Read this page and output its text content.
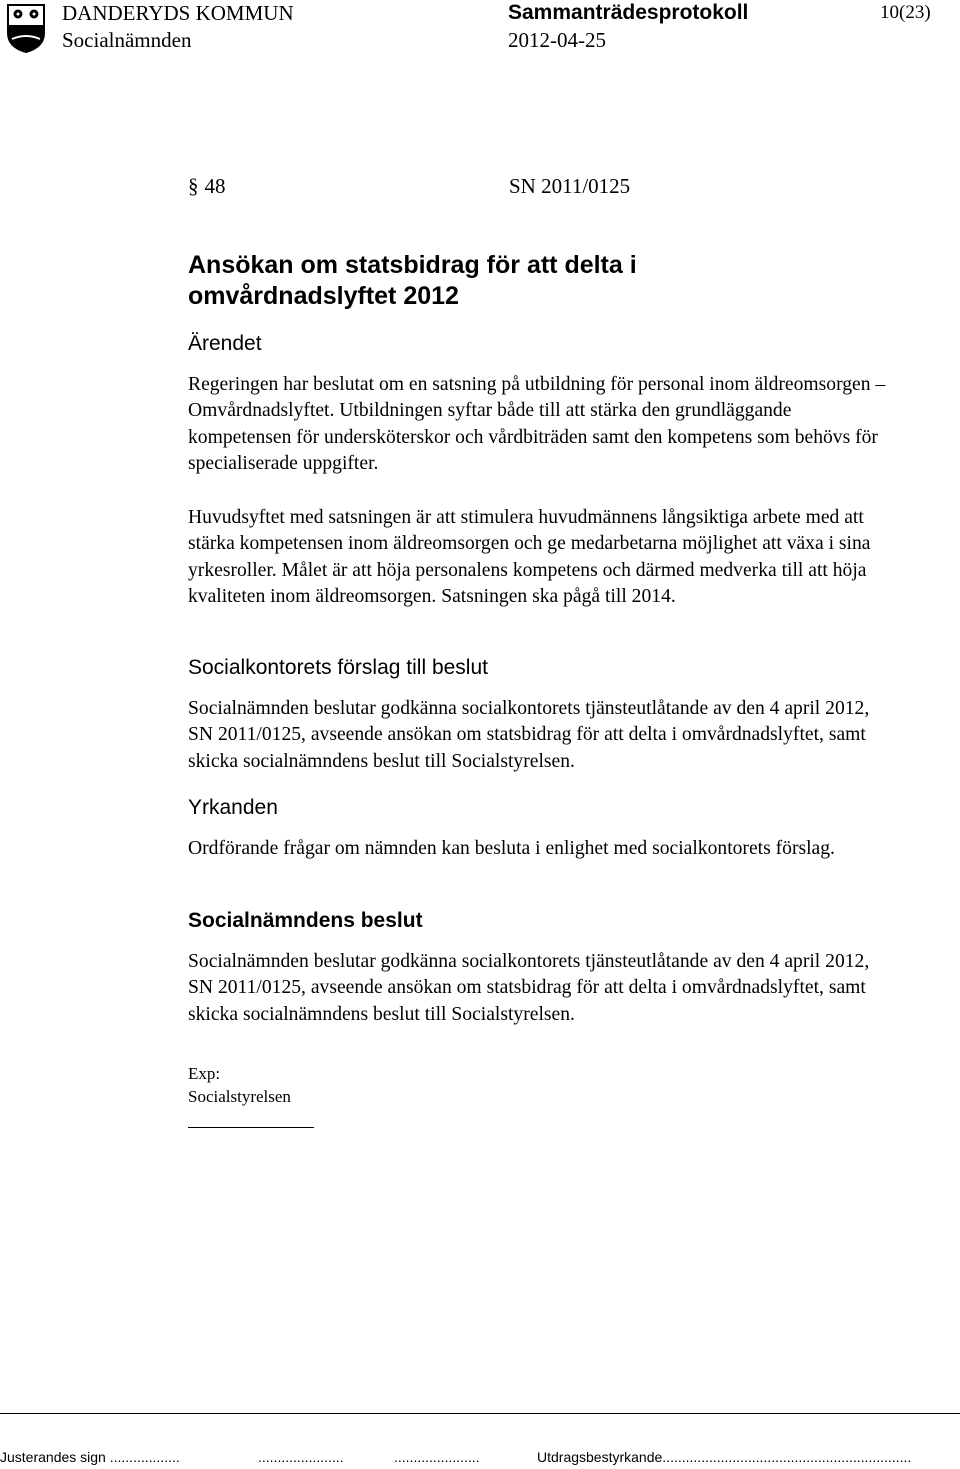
DANDERYDS KOMMUN
Socialnämnden
Sammanträdesprotokoll
2012-04-25
10(23)
§ 48	SN 2011/0125
Ansökan om statsbidrag för att delta i omvårdnadslyftet 2012
Ärendet

Regeringen har beslutat om en satsning på utbildning för personal inom äldreomsorgen – Omvårdnadslyftet. Utbildningen syftar både till att stärka den grundläggande kompetensen för undersköterskor och vårdbiträden samt den kompetens som behövs för specialiserade uppgifter.

Huvudsyftet med satsningen är att stimulera huvudmännens långsiktiga arbete med att stärka kompetensen inom äldreomsorgen och ge medarbetarna möjlighet att växa i sina yrkesroller. Målet är att höja personalens kompetens och därmed medverka till att höja kvaliteten inom äldreomsorgen. Satsningen ska pågå till 2014.

Socialkontorets förslag till beslut

Socialnämnden beslutar godkänna socialkontorets tjänsteutlåtande av den 4 april 2012, SN 2011/0125, avseende ansökan om statsbidrag för att delta i omvårdnadslyftet, samt skicka socialnämndens beslut till Socialstyrelsen.

Yrkanden

Ordförande frågar om nämnden kan besluta i enlighet med socialkontorets förslag.

Socialnämndens beslut

Socialnämnden beslutar godkänna socialkontorets tjänsteutlåtande av den 4 april 2012, SN 2011/0125, avseende ansökan om statsbidrag för att delta i omvårdnadslyftet, samt skicka socialnämndens beslut till Socialstyrelsen.

Exp:
Socialstyrelsen
Justerandes sign ..................	......................	......................	Utdragsbestyrkande................................................................
